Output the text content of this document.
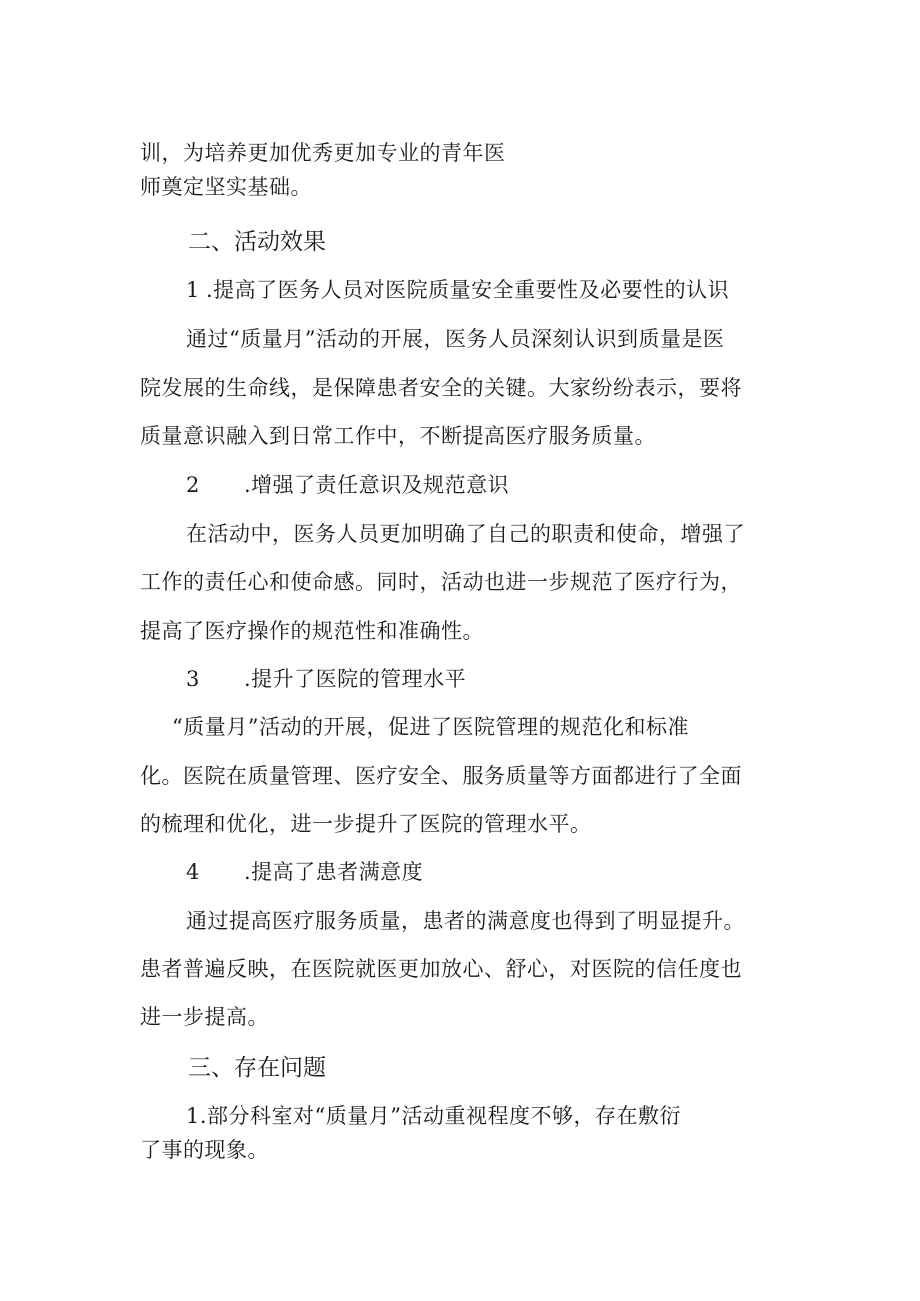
训，为培养更加优秀更加专业的青年医
师奠定坚实基础。
二、活动效果
1 .提高了医务人员对医院质量安全重要性及必要性的认识
通过“质量月”活动的开展，医务人员深刻认识到质量是医
院发展的生命线，是保障患者安全的关键。大家纷纷表示，要将
质量意识融入到日常工作中，不断提高医疗服务质量。
2 .增强了责任意识及规范意识
在活动中，医务人员更加明确了自己的职责和使命，增强了
工作的责任心和使命感。同时，活动也进一步规范了医疗行为，
提高了医疗操作的规范性和准确性。
3 .提升了医院的管理水平
“质量月”活动的开展，促进了医院管理的规范化和标准
化。医院在质量管理、医疗安全、服务质量等方面都进行了全面
的梳理和优化，进一步提升了医院的管理水平。
4 .提高了患者满意度
通过提高医疗服务质量，患者的满意度也得到了明显提升。
患者普遍反映，在医院就医更加放心、舒心，对医院的信任度也
进一步提高。
三、存在问题
1.部分科室对“质量月”活动重视程度不够，存在敷衍
了事的现象。
